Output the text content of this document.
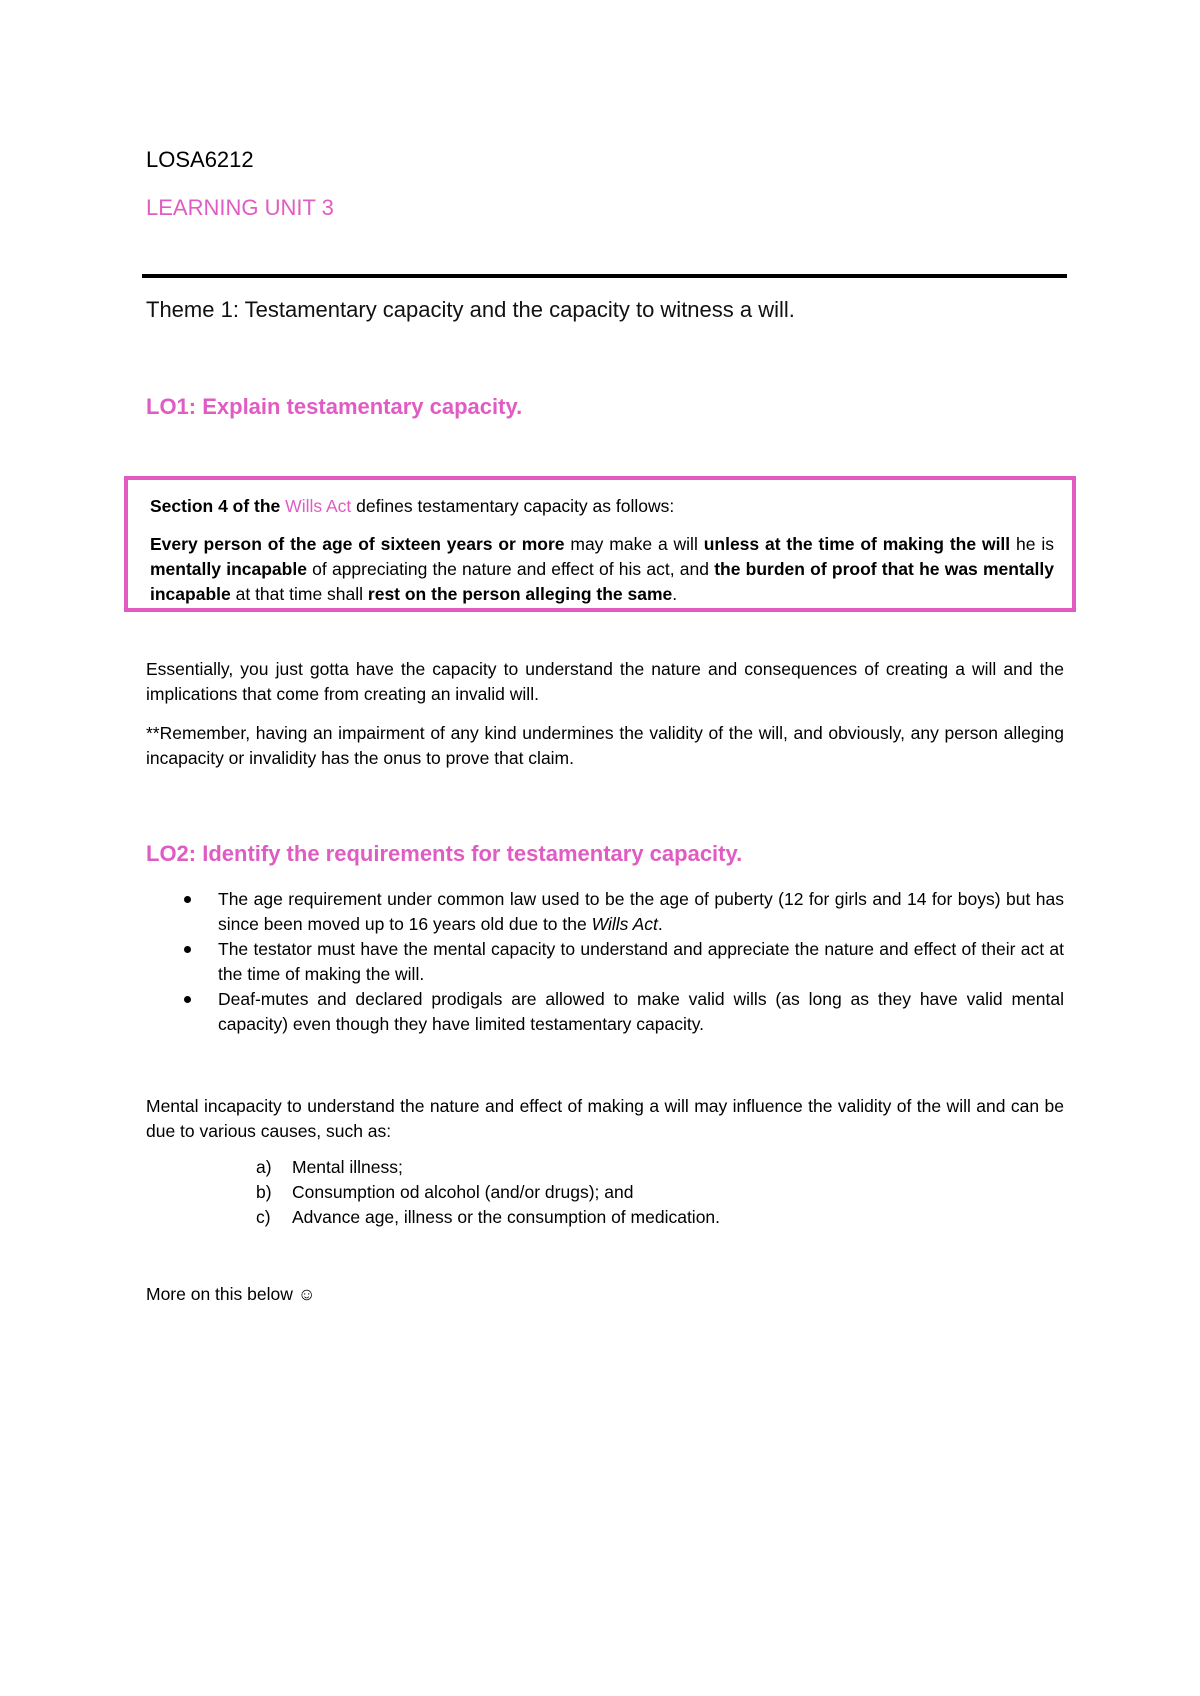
LOSA6212
LEARNING UNIT 3
Theme 1: Testamentary capacity and the capacity to witness a will.
LO1: Explain testamentary capacity.

Section 4 of the Wills Act defines testamentary capacity as follows:

Every person of the age of sixteen years or more may make a will unless at the time of making the will he is mentally incapable of appreciating the nature and effect of his act, and the burden of proof that he was mentally incapable at that time shall rest on the person alleging the same.

Essentially, you just gotta have the capacity to understand the nature and consequences of creating a will and the implications that come from creating an invalid will.
**Remember, having an impairment of any kind undermines the validity of the will, and obviously, any person alleging incapacity or invalidity has the onus to prove that claim.
LO2: Identify the requirements for testamentary capacity.
The age requirement under common law used to be the age of puberty (12 for girls and 14 for boys) but has since been moved up to 16 years old due to the Wills Act.
The testator must have the mental capacity to understand and appreciate the nature and effect of their act at the time of making the will.
Deaf-mutes and declared prodigals are allowed to make valid wills (as long as they have valid mental capacity) even though they have limited testamentary capacity.
Mental incapacity to understand the nature and effect of making a will may influence the validity of the will and can be due to various causes, such as:
a) Mental illness;
b) Consumption od alcohol (and/or drugs); and
c) Advance age, illness or the consumption of medication.
More on this below ☺
